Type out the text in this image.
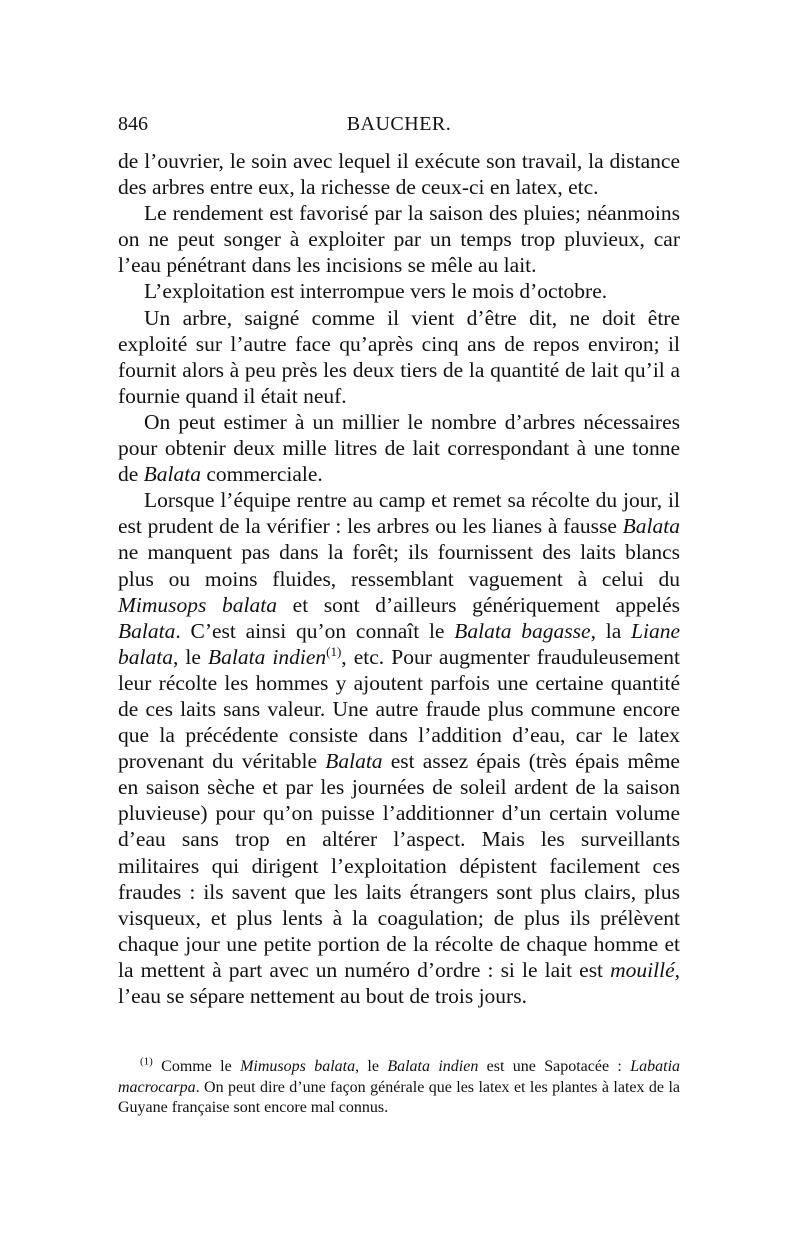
846	BAUCHER.

de l’ouvrier, le soin avec lequel il exécute son travail, la distance des arbres entre eux, la richesse de ceux-ci en latex, etc.

Le rendement est favorisé par la saison des pluies; néanmoins on ne peut songer à exploiter par un temps trop pluvieux, car l’eau pénétrant dans les incisions se mêle au lait.

L’exploitation est interrompue vers le mois d’octobre.

Un arbre, saigné comme il vient d’être dit, ne doit être exploité sur l’autre face qu’après cinq ans de repos environ; il fournit alors à peu près les deux tiers de la quantité de lait qu’il a fournie quand il était neuf.

On peut estimer à un millier le nombre d’arbres nécessaires pour obtenir deux mille litres de lait correspondant à une tonne de Balata commerciale.

Lorsque l’équipe rentre au camp et remet sa récolte du jour, il est prudent de la vérifier : les arbres ou les lianes à fausse Balata ne manquent pas dans la forêt; ils fournissent des laits blancs plus ou moins fluides, ressemblant vaguement à celui du Mimusops balata et sont d’ailleurs génériquement appelés Balata. C’est ainsi qu’on connaît le Balata bagasse, la Liane balata, le Balata indien$^{(1)}$, etc. Pour augmenter frauduleusement leur récolte les hommes y ajoutent parfois une certaine quantité de ces laits sans valeur. Une autre fraude plus commune encore que la précédente consiste dans l’addition d’eau, car le latex provenant du véritable Balata est assez épais (très épais même en saison sèche et par les journées de soleil ardent de la saison pluvieuse) pour qu’on puisse l’additionner d’un certain volume d’eau sans trop en altérer l’aspect. Mais les surveillants militaires qui dirigent l’exploitation dépistent facilement ces fraudes : ils savent que les laits étrangers sont plus clairs, plus visqueux, et plus lents à la coagulation; de plus ils prélèvent chaque jour une petite portion de la récolte de chaque homme et la mettent à part avec un numéro d’ordre : si le lait est mouillé, l’eau se sépare nettement au bout de trois jours.

$^{(1)}$ Comme le Mimusops balata, le Balata indien est une Sapotacée : Labatia macrocarpa. On peut dire d’une façon générale que les latex et les plantes à latex de la Guyane française sont encore mal connus.
